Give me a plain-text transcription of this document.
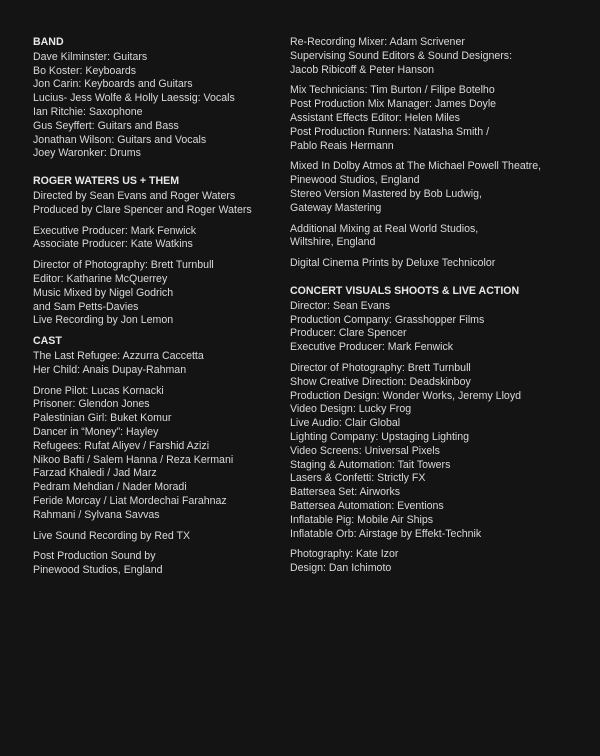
BAND
Dave Kilminster: Guitars
Bo Koster: Keyboards
Jon Carin: Keyboards and Guitars
Lucius- Jess Wolfe & Holly Laessig: Vocals
Ian Ritchie: Saxophone
Gus Seyffert: Guitars and Bass
Jonathan Wilson: Guitars and Vocals
Joey Waronker: Drums
ROGER WATERS US + THEM
Directed by Sean Evans and Roger Waters
Produced by Clare Spencer and Roger Waters
Executive Producer: Mark Fenwick
Associate Producer: Kate Watkins
Director of Photography: Brett Turnbull
Editor: Katharine McQuerrey
Music Mixed by Nigel Godrich
and Sam Petts-Davies
Live Recording by Jon Lemon
CAST
The Last Refugee: Azzurra Caccetta
Her Child: Anais Dupay-Rahman
Drone Pilot: Lucas Kornacki
Prisoner: Glendon Jones
Palestinian Girl: Buket Komur
Dancer in “Money”: Hayley
Refugees: Rufat Aliyev / Farshid Azizi
Nikoo Bafti / Salem Hanna / Reza Kermani
Farzad Khaledi / Jad Marz
Pedram Mehdian / Nader Moradi
Feride Morcay / Liat Mordechai Farahnaz
Rahmani / Sylvana Savvas
Live Sound Recording by Red TX
Post Production Sound by
Pinewood Studios, England
Re-Recording Mixer: Adam Scrivener
Supervising Sound Editors & Sound Designers:
Jacob Ribicoff & Peter Hanson
Mix Technicians: Tim Burton / Filipe Botelho
Post Production Mix Manager: James Doyle
Assistant Effects Editor: Helen Miles
Post Production Runners: Natasha Smith /
Pablo Reais Hermann
Mixed In Dolby Atmos at The Michael Powell Theatre,
Pinewood Studios, England
Stereo Version Mastered by Bob Ludwig,
Gateway Mastering
Additional Mixing at Real World Studios,
Wiltshire, England
Digital Cinema Prints by Deluxe Technicolor
CONCERT VISUALS SHOOTS & LIVE ACTION
Director: Sean Evans
Production Company: Grasshopper Films
Producer: Clare Spencer
Executive Producer: Mark Fenwick
Director of Photography: Brett Turnbull
Show Creative Direction: Deadskinboy
Production Design: Wonder Works, Jeremy Lloyd
Video Design: Lucky Frog
Live Audio: Clair Global
Lighting Company: Upstaging Lighting
Video Screens: Universal Pixels
Staging & Automation: Tait Towers
Lasers & Confetti: Strictly FX
Battersea Set: Airworks
Battersea Automation: Eventions
Inflatable Pig: Mobile Air Ships
Inflatable Orb: Airstage by Effekt-Technik
Photography: Kate Izor
Design: Dan Ichimoto
